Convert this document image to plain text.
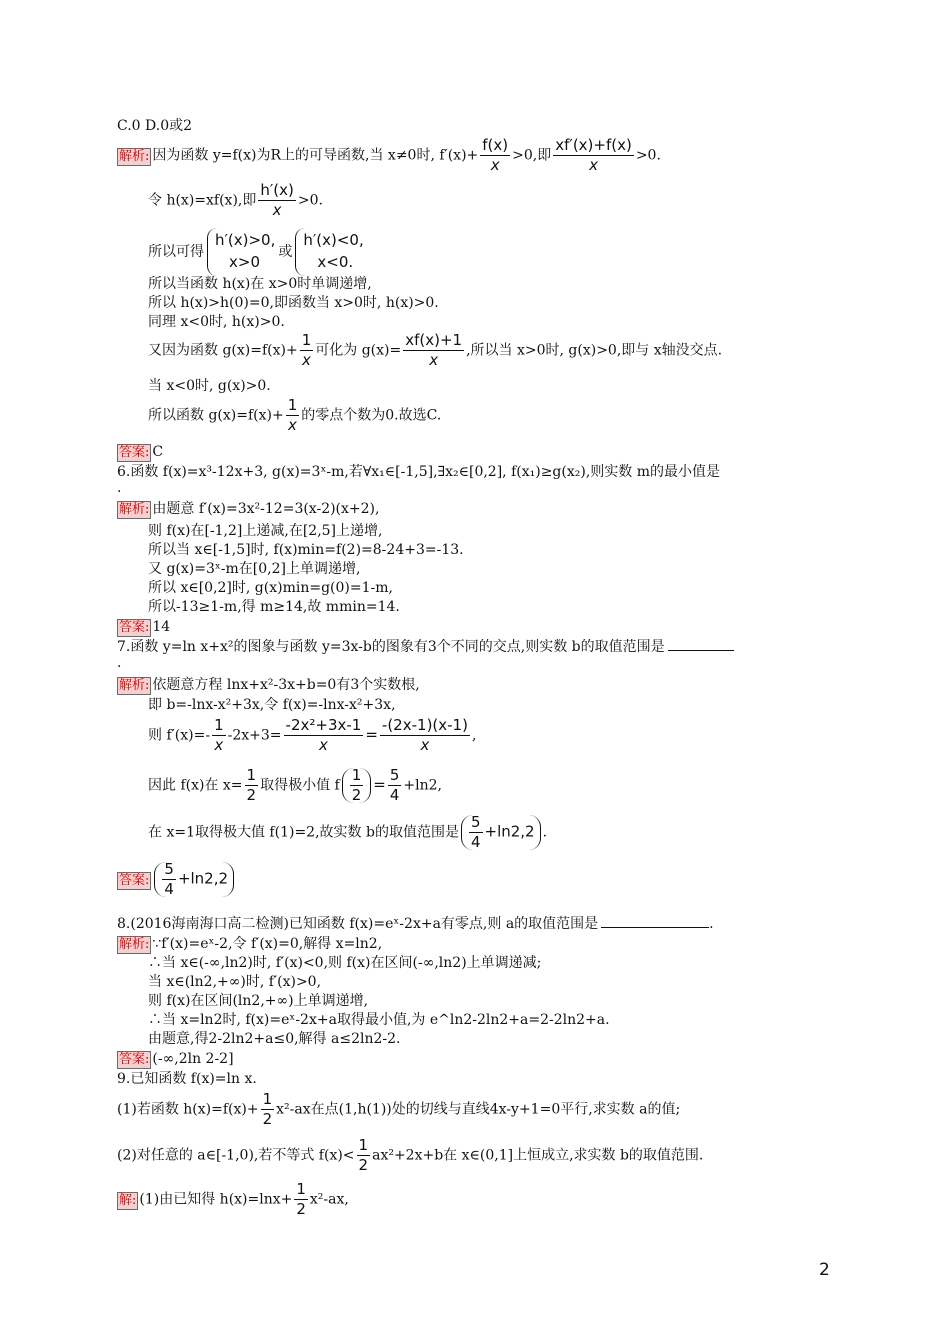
C.0 D.0或2
解析: 因为函数 y=f(x)为R上的可导函数,当 x≠0时, $f'(x)+ \frac{f(x)}{x} >0$,即 $\frac{xf'(x)+f(x)}{x} >0$.
令 h(x)=xf(x),即 $\frac{h'(x)}{x} >0$.
所以可得h′(x)>0,
x>0或h′(x)<0,
x<0.
所以当函数 h(x)在 x>0时单调递增,
所以 h(x)>h(0)=0,即函数当 x>0时, h(x)>0.
同理 x<0时, h(x)>0.
又因为函数 $g(x)=f(x)+ \frac{1}{x}$ 可化为 $g(x)= \frac{xf(x)+1}{x}$ ,所以当 x>0时, g(x)>0,即与 x轴没交点.
当 x<0时, g(x)>0.
所以函数 $g(x)=f(x)+ \frac{1}{x}$ 的零点个数为0.故选C.
答案: C
6.函数 f(x)=x³-12x+3, g(x)=3ˣ-m,若∀x₁∈[-1,5],∃x₂∈[0,2], f(x₁)≥g(x₂),则实数 m的最小值是
.
解析: 由题意 f′(x)=3x²-12=3(x-2)(x+2),
则 f(x)在[-1,2]上递减,在[2,5]上递增,
所以当 x∈[-1,5]时, f(x)min=f(2)=8-24+3=-13.
又 g(x)=3ˣ-m在[0,2]上单调递增,
所以 x∈[0,2]时, g(x)min=g(0)=1-m,
所以-13≥1-m,得 m≥14,故 mmin=14.
答案: 14
7.函数 y=ln x+x²的图象与函数 y=3x-b的图象有3个不同的交点,则实数 b的取值范围是
.
解析: 依题意方程 lnx+x²-3x+b=0有3个实数根,
即 b=-lnx-x²+3x,令 f(x)=-lnx-x²+3x,
则 $f'(x)=- \frac{1}{x} -2x+3= \frac{\text{-2x²+3x-1}}{x} = \frac{-(2x-1)(x-1)}{x}$ ,
因此 f(x)在 $x= \frac{1}{2}$ 取得极小值 f $\frac{1}{2} = \frac{5}{4} +\ln 2$,
在 x=1取得极大值 f(1)=2,故实数 b的取值范围是 $\frac{5}{4} +\ln 2,2$ .
答案: $\frac{5}{4} +\ln 2,2$
8.(2016海南海口高二检测)已知函数 f(x)=eˣ-2x+a有零点,则 a的取值范围是	.
解析: ∵f′(x)=eˣ-2,令 f′(x)=0,解得 x=ln2,
∴当 x∈(-∞,ln2)时, f′(x)<0,则 f(x)在区间(-∞,ln2)上单调递减;
当 x∈(ln2,+∞)时, f′(x)>0,
则 f(x)在区间(ln2,+∞)上单调递增,
∴当 x=ln2时, f(x)=eˣ-2x+a取得最小值,为 e^ln2-2ln2+a=2-2ln2+a.
由题意,得2-2ln2+a≤0,解得 a≤2ln2-2.
答案: (-∞,2ln 2-2]
9.已知函数 f(x)=ln x.
(1)若函数 $h(x)=f(x)+ \frac{1}{2} x^2-ax$在点(1,h(1))处的切线与直线4x-y+1=0平行,求实数 a的值;
(2)对任意的 a∈[-1,0),若不等式 $f(x)< \frac{1}{2} ax^2+2x+b$在 x∈(0,1]上恒成立,求实数 b的取值范围.
解: (1)由已知得 $h(x)=\ln x+ \frac{1}{2} x^2-ax$,
2
